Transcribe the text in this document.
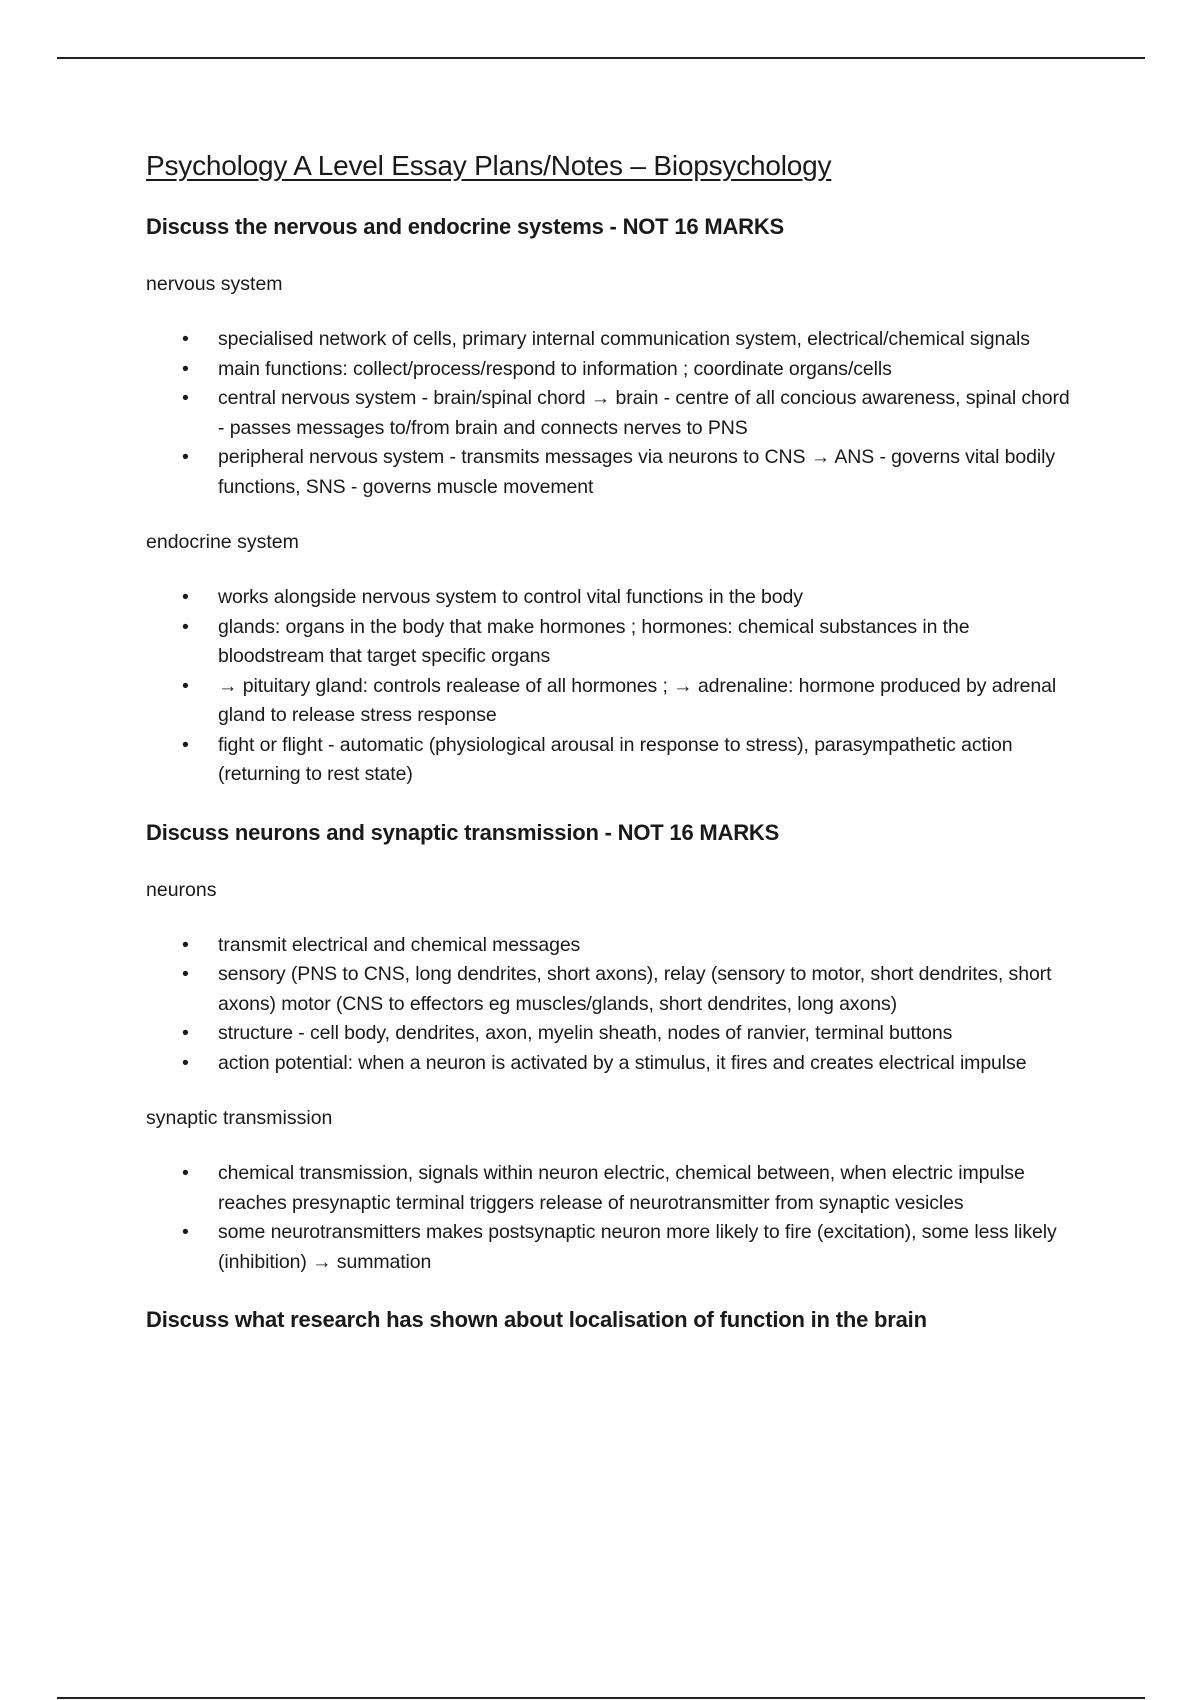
Psychology A Level Essay Plans/Notes – Biopsychology
Discuss the nervous and endocrine systems - NOT 16 MARKS

nervous system

• specialised network of cells, primary internal communication system, electrical/chemical signals
• main functions: collect/process/respond to information ; coordinate organs/cells
• central nervous system - brain/spinal chord → brain - centre of all concious awareness, spinal chord - passes messages to/from brain and connects nerves to PNS
• peripheral nervous system - transmits messages via neurons to CNS → ANS - governs vital bodily functions, SNS - governs muscle movement

endocrine system

• works alongside nervous system to control vital functions in the body
• glands: organs in the body that make hormones ; hormones: chemical substances in the bloodstream that target specific organs
• → pituitary gland: controls realease of all hormones ; → adrenaline: hormone produced by adrenal gland to release stress response
• fight or flight - automatic (physiological arousal in response to stress), parasympathetic action (returning to rest state)
Discuss neurons and synaptic transmission - NOT 16 MARKS

neurons

• transmit electrical and chemical messages
• sensory (PNS to CNS, long dendrites, short axons), relay (sensory to motor, short dendrites, short axons) motor (CNS to effectors eg muscles/glands, short dendrites, long axons)
• structure - cell body, dendrites, axon, myelin sheath, nodes of ranvier, terminal buttons
• action potential: when a neuron is activated by a stimulus, it fires and creates electrical impulse

synaptic transmission

• chemical transmission, signals within neuron electric, chemical between, when electric impulse reaches presynaptic terminal triggers release of neurotransmitter from synaptic vesicles
• some neurotransmitters makes postsynaptic neuron more likely to fire (excitation), some less likely (inhibition) → summation
Discuss what research has shown about localisation of function in the brain
